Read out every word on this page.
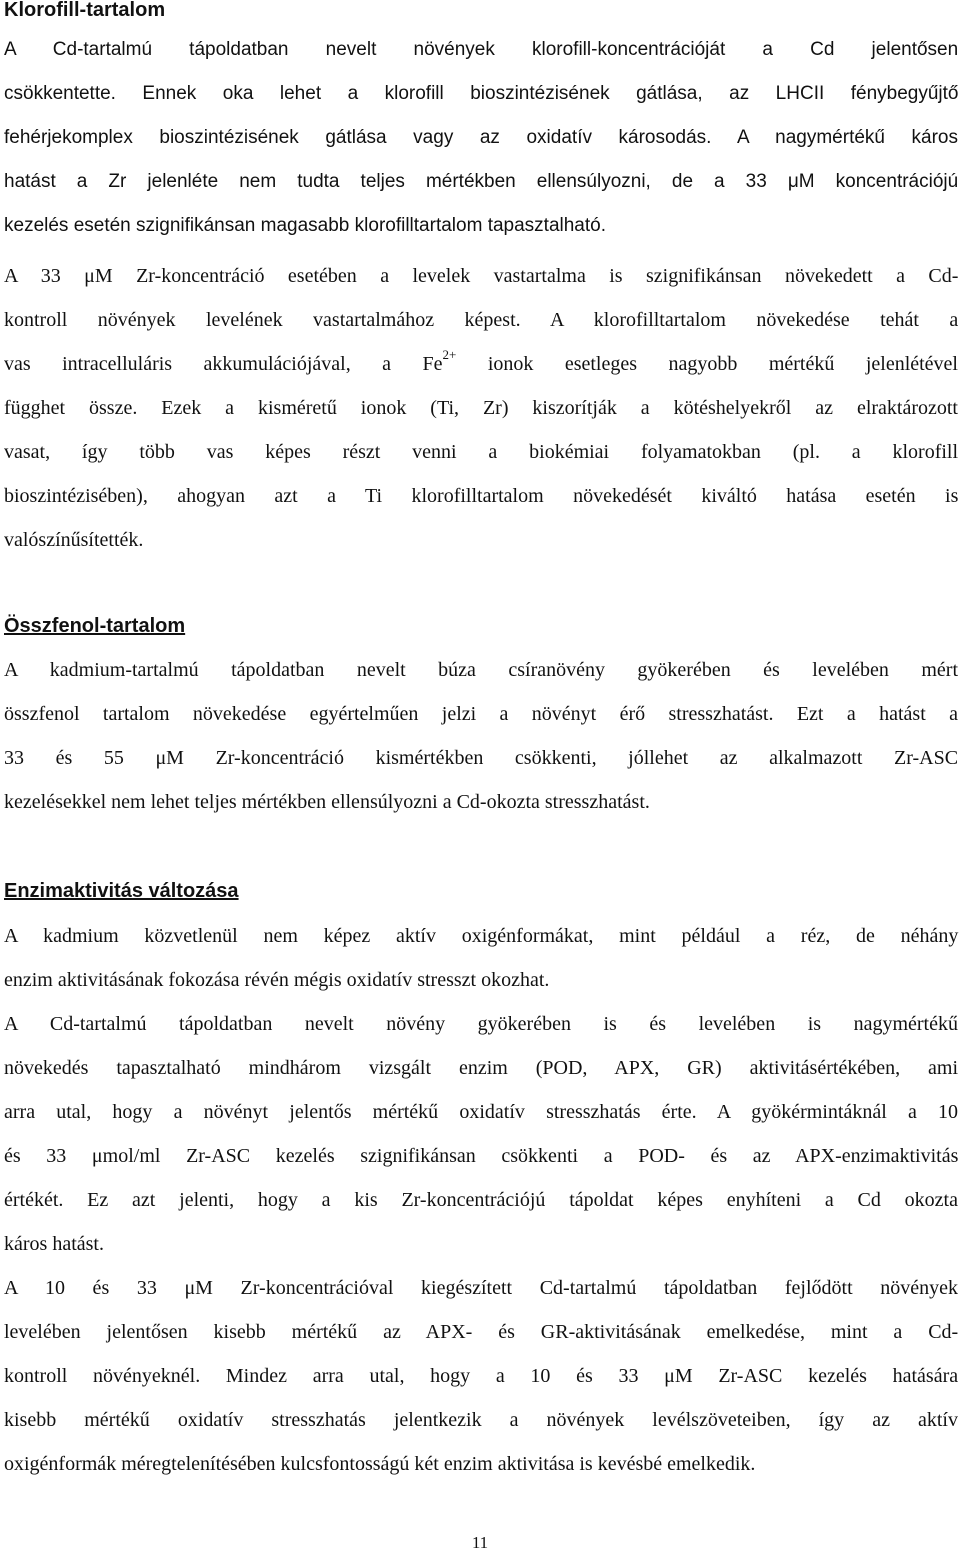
Klorofill-tartalom
A Cd-tartalmú tápoldatban nevelt növények klorofill-koncentrációját a Cd jelentősen
csökkentette. Ennek oka lehet a klorofill bioszintézisének gátlása, az LHCII fénybegyűjtő
fehérjekomplex bioszintézisének gátlása vagy az oxidatív károsodás. A nagymértékű káros
hatást a Zr jelenléte nem tudta teljes mértékben ellensúlyozni, de a 33 μM koncentrációjú
kezelés esetén szignifikánsan magasabb klorofilltartalom tapasztalható.
A 33 μM Zr-koncentráció esetében a levelek vastartalma is szignifikánsan növekedett a Cd-
kontroll növények levelének vastartalmához képest. A klorofilltartalom növekedése tehát a
vas intracelluláris akkumulációjával, a $Fe^{2+}$ ionok esetleges nagyobb mértékű jelenlétével
függhet össze. Ezek a kisméretű ionok (Ti, Zr) kiszorítják a kötéshelyekről az elraktározott
vasat, így több vas képes részt venni a biokémiai folyamatokban (pl. a klorofill
bioszintézisében), ahogyan azt a Ti klorofilltartalom növekedését kiváltó hatása esetén is
valószínűsítették.
Összfenol-tartalom
A kadmium-tartalmú tápoldatban nevelt búza csíranövény gyökerében és levelében mért
összfenol tartalom növekedése egyértelműen jelzi a növényt érő stresszhatást. Ezt a hatást a
33 és 55 μM Zr-koncentráció kismértékben csökkenti, jóllehet az alkalmazott Zr-ASC
kezelésekkel nem lehet teljes mértékben ellensúlyozni a Cd-okozta stresszhatást.
Enzimaktivitás változása
A kadmium közvetlenül nem képez aktív oxigénformákat, mint például a réz, de néhány
enzim aktivitásának fokozása révén mégis oxidatív stresszt okozhat.
A Cd-tartalmú tápoldatban nevelt növény gyökerében is és levelében is nagymértékű
növekedés tapasztalható mindhárom vizsgált enzim (POD, APX, GR) aktivitásértékében, ami
arra utal, hogy a növényt jelentős mértékű oxidatív stresszhatás érte. A gyökérmintáknál a 10
és 33 μmol/ml Zr-ASC kezelés szignifikánsan csökkenti a POD- és az APX-enzimaktivitás
értékét. Ez azt jelenti, hogy a kis Zr-koncentrációjú tápoldat képes enyhíteni a Cd okozta
káros hatást.
A 10 és 33 μM Zr-koncentrációval kiegészített Cd-tartalmú tápoldatban fejlődött növények
levelében jelentősen kisebb mértékű az APX- és GR-aktivitásának emelkedése, mint a Cd-
kontroll növényeknél. Mindez arra utal, hogy a 10 és 33 μM Zr-ASC kezelés hatására
kisebb mértékű oxidatív stresszhatás jelentkezik a növények levélszöveteiben, így az aktív
oxigénformák méregtelenítésében kulcsfontosságú két enzim aktivitása is kevésbé emelkedik.
11
